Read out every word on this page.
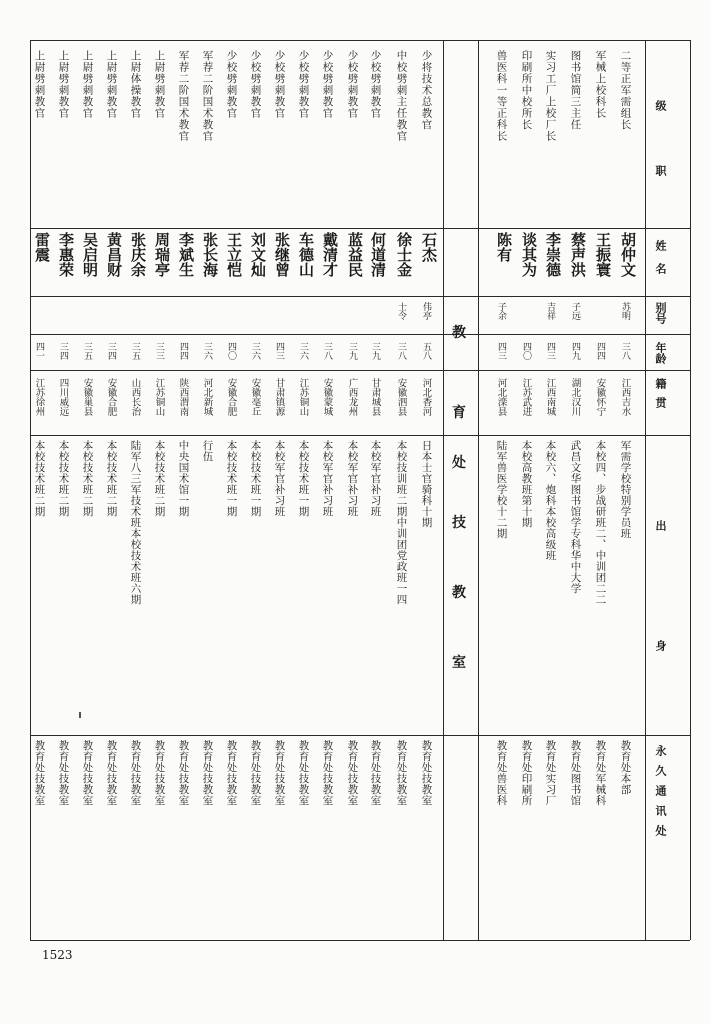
级
职
姓名
别号
年龄
籍贯
出
身
永久通讯处
二等正军需组长
胡仲文
苏明
三八
江西吉水
军需学校特别学员班
教育处本部
军械上校科长
王振寰
四四
安徽怀宁
本校四、步战研班二、中训团二二
教育处军械科
图书馆简三主任
蔡声洪
子远
四九
湖北汉川
武昌文华图书馆学专科华中大学
教育处图书馆
实习工厂上校厂长
李崇德
吉祥
四三
江西南城
本校六、炮科本校高级班
教育处实习厂
印刷所中校所长
谈其为
四〇
江苏武进
本校高教班第十期
教育处印刷所
兽医科一等正科长
陈有
子余
四三
河北滦县
陆军兽医学校十二期
教育处兽医科
少将技术总教官
石杰
伟亭
五八
河北香河
日本士官骑科十期
教育处技教室
中校劈刺主任教官
徐士金
士令
三八
安徽泗县
本校技训班二期中训团党政班一四
教育处技教室
少校劈刺教官
何道清
三九
甘肃城县
本校军官补习班
教育处技教室
少校劈刺教官
蓝益民
三九
广西龙州
本校军官补习班
教育处技教室
少校劈刺教官
戴清才
三八
安徽蒙城
本校军官补习班
教育处技教室
少校劈刺教官
车德山
三六
江苏铜山
本校技术班一期
教育处技教室
少校劈刺教官
张继曾
四三
甘肃镇源
本校军官补习班
教育处技教室
少校劈刺教官
刘文灿
三六
安徽亳丘
本校技术班一期
教育处技教室
少校劈刺教官
王立恺
四〇
安徽合肥
本校技术班一期
教育处技教室
军荐二阶国术教官
张长海
三六
河北新城
行伍
教育处技教室
军荐二阶国术教官
李斌生
四四
陕西渭南
中央国术馆一期
教育处技教室
上尉劈刺教官
周瑞亭
三三
江苏铜山
本校技术班二期
教育处技教室
上尉体操教官
张庆余
三五
山西长治
陆军八三军技术班本校技术班六期
教育处技教室
上尉劈刺教官
黄昌财
三四
安徽合肥
本校技术班二期
教育处技教室
上尉劈刺教官
吴启明
三五
安徽巢县
本校技术班二期
教育处技教室
上尉劈刺教官
李惠荣
三四
四川威远
本校技术班二期
教育处技教室
上尉劈刺教官
雷震
四一
江苏徐州
本校技术班二期
教育处技教室
教
育
处
技
教
室
1523
